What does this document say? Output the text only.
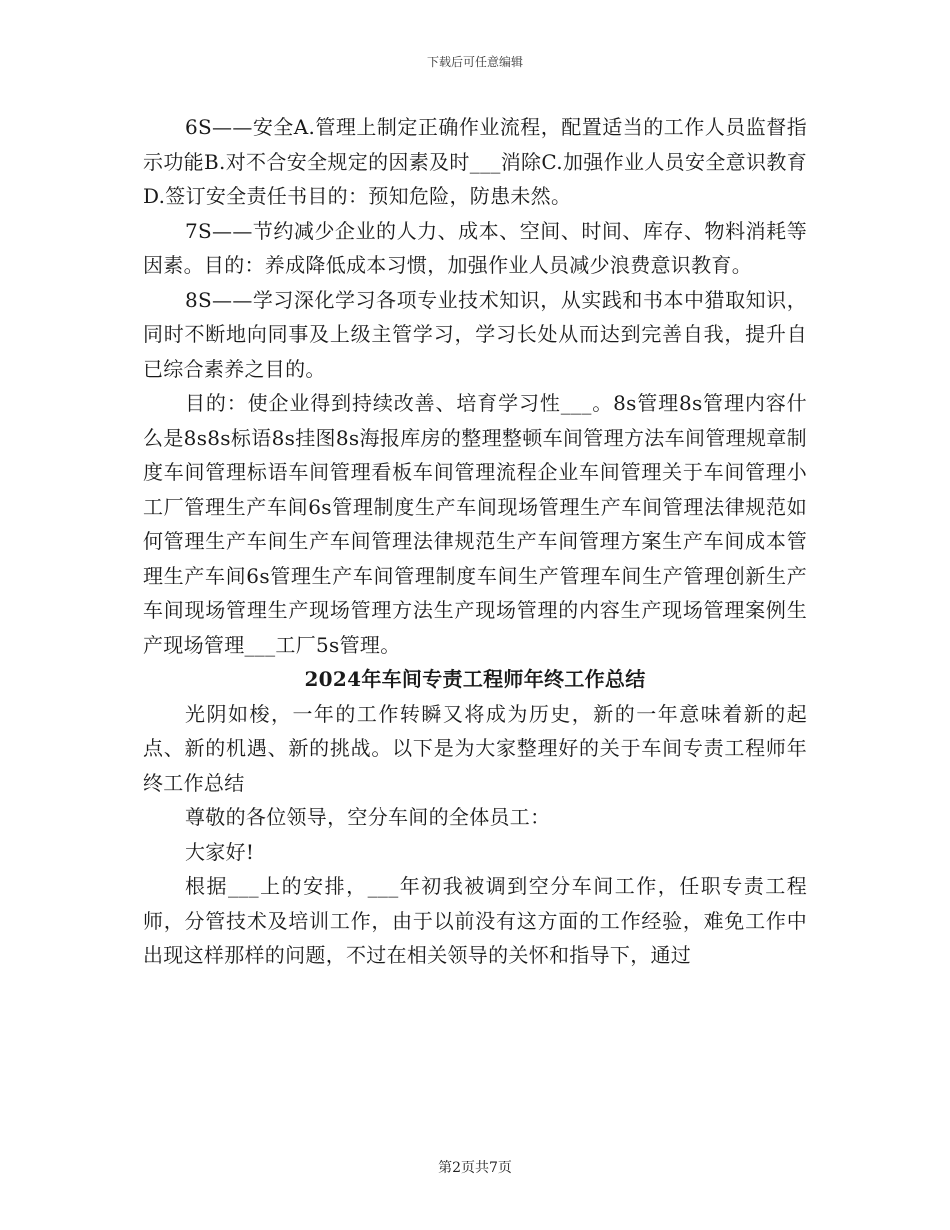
下载后可任意编辑

6S——安全A.管理上制定正确作业流程，配置适当的工作人员监督指示功能B.对不合安全规定的因素及时___消除C.加强作业人员安全意识教育D.签订安全责任书目的：预知危险，防患未然。

7S——节约减少企业的人力、成本、空间、时间、库存、物料消耗等因素。目的：养成降低成本习惯，加强作业人员减少浪费意识教育。

8S——学习深化学习各项专业技术知识，从实践和书本中猎取知识，同时不断地向同事及上级主管学习，学习长处从而达到完善自我，提升自已综合素养之目的。

目的：使企业得到持续改善、培育学习性___。8s管理8s管理内容什么是8s8s标语8s挂图8s海报库房的整理整顿车间管理方法车间管理规章制度车间管理标语车间管理看板车间管理流程企业车间管理关于车间管理小工厂管理生产车间6s管理制度生产车间现场管理生产车间管理法律规范如何管理生产车间生产车间管理法律规范生产车间管理方案生产车间成本管理生产车间6s管理生产车间管理制度车间生产管理车间生产管理创新生产车间现场管理生产现场管理方法生产现场管理的内容生产现场管理案例生产现场管理___工厂5s管理。

2024年车间专责工程师年终工作总结

光阴如梭，一年的工作转瞬又将成为历史，新的一年意味着新的起点、新的机遇、新的挑战。以下是为大家整理好的关于车间专责工程师年终工作总结

尊敬的各位领导，空分车间的全体员工：

大家好!

根据___上的安排，___年初我被调到空分车间工作，任职专责工程师，分管技术及培训工作，由于以前没有这方面的工作经验，难免工作中出现这样那样的问题，不过在相关领导的关怀和指导下，通过

第2页共7页
